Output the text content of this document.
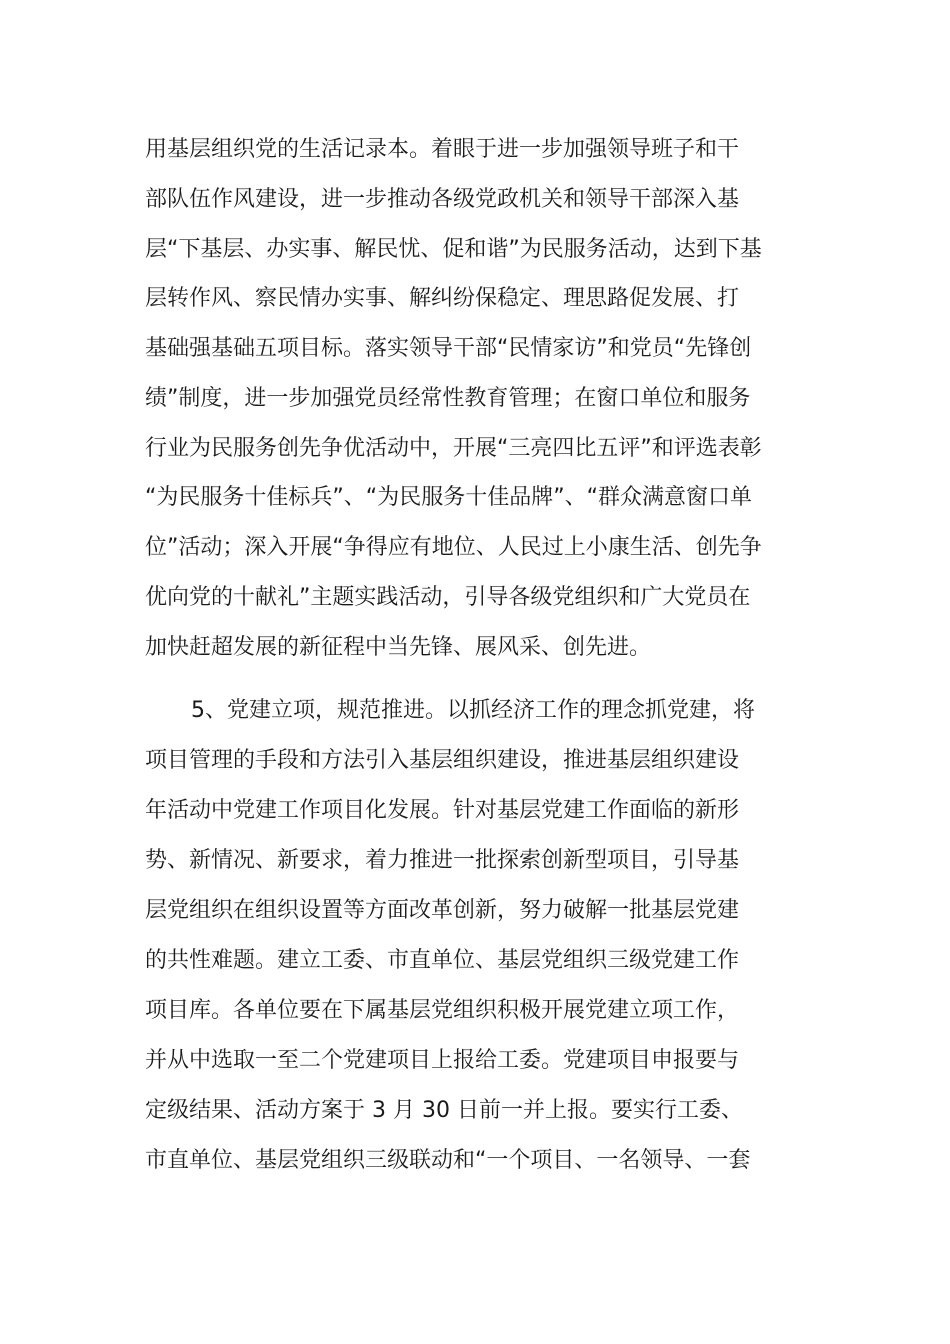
用基层组织党的生活记录本。着眼于进一步加强领导班子和干
部队伍作风建设，进一步推动各级党政机关和领导干部深入基
层“下基层、办实事、解民忧、促和谐”为民服务活动，达到下基
层转作风、察民情办实事、解纠纷保稳定、理思路促发展、打
基础强基础五项目标。落实领导干部“民情家访”和党员“先锋创
绩”制度，进一步加强党员经常性教育管理；在窗口单位和服务
行业为民服务创先争优活动中，开展“三亮四比五评”和评选表彰
“为民服务十佳标兵”、“为民服务十佳品牌”、“群众满意窗口单
位”活动；深入开展“争得应有地位、人民过上小康生活、创先争
优向党的十献礼”主题实践活动，引导各级党组织和广大党员在
加快赶超发展的新征程中当先锋、展风采、创先进。
5、党建立项，规范推进。以抓经济工作的理念抓党建，将
项目管理的手段和方法引入基层组织建设，推进基层组织建设
年活动中党建工作项目化发展。针对基层党建工作面临的新形
势、新情况、新要求，着力推进一批探索创新型项目，引导基
层党组织在组织设置等方面改革创新，努力破解一批基层党建
的共性难题。建立工委、市直单位、基层党组织三级党建工作
项目库。各单位要在下属基层党组织积极开展党建立项工作，
并从中选取一至二个党建项目上报给工委。党建项目申报要与
定级结果、活动方案于 3 月 30 日前一并上报。要实行工委、
市直单位、基层党组织三级联动和“一个项目、一名领导、一套
